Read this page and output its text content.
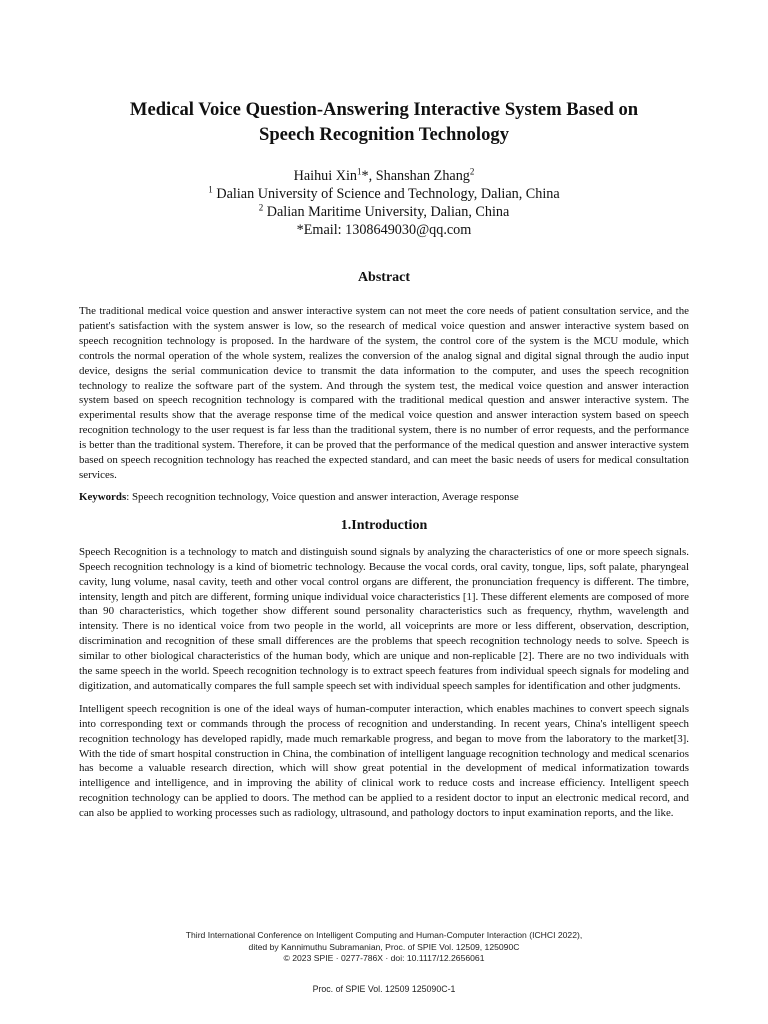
Medical Voice Question-Answering Interactive System Based on
Speech Recognition Technology
Haihui Xin$^1$*, Shanshan Zhang$^2$
$^1$ Dalian University of Science and Technology, Dalian, China
$^2$ Dalian Maritime University, Dalian, China
*Email: 1308649030@qq.com
Abstract

The traditional medical voice question and answer interactive system can not meet the core needs of patient consultation service, and the patient's satisfaction with the system answer is low, so the research of medical voice question and answer interactive system based on speech recognition technology is proposed. In the hardware of the system, the control core of the system is the MCU module, which controls the normal operation of the whole system, realizes the conversion of the analog signal and digital signal through the audio input device, designs the serial communication device to transmit the data information to the computer, and uses the speech recognition technology to realize the software part of the system. And through the system test, the medical voice question and answer interaction system based on speech recognition technology is compared with the traditional medical question and answer interactive system. The experimental results show that the average response time of the medical voice question and answer interaction system based on speech recognition technology to the user request is far less than the traditional system, there is no number of error requests, and the performance is better than the traditional system. Therefore, it can be proved that the performance of the medical question and answer interactive system based on speech recognition technology has reached the expected standard, and can meet the basic needs of users for medical consultation services.

Keywords: Speech recognition technology, Voice question and answer interaction, Average response

1.Introduction

Speech Recognition is a technology to match and distinguish sound signals by analyzing the characteristics of one or more speech signals. Speech recognition technology is a kind of biometric technology. Because the vocal cords, oral cavity, tongue, lips, soft palate, pharyngeal cavity, lung volume, nasal cavity, teeth and other vocal control organs are different, the pronunciation frequency is different. The timbre, intensity, length and pitch are different, forming unique individual voice characteristics [1]. These different elements are composed of more than 90 characteristics, which together show different sound personality characteristics such as frequency, rhythm, wavelength and intensity. There is no identical voice from two people in the world, all voiceprints are more or less different, observation, description, discrimination and recognition of these small differences are the problems that speech recognition technology needs to solve. Speech is similar to other biological characteristics of the human body, which are unique and non-replicable [2]. There are no two individuals with the same speech in the world. Speech recognition technology is to extract speech features from individual speech signals for modeling and digitization, and automatically compares the full sample speech set with individual speech samples for identification and other judgments.

Intelligent speech recognition is one of the ideal ways of human-computer interaction, which enables machines to convert speech signals into corresponding text or commands through the process of recognition and understanding. In recent years, China's intelligent speech recognition technology has developed rapidly, made much remarkable progress, and began to move from the laboratory to the market[3]. With the tide of smart hospital construction in China, the combination of intelligent language recognition technology and medical scenarios has become a valuable research direction, which will show great potential in the development of medical informatization towards intelligence and intelligence, and in improving the ability of clinical work to reduce costs and increase efficiency. Intelligent speech recognition technology can be applied to doors. The method can be applied to a resident doctor to input an electronic medical record, and can also be applied to working processes such as radiology, ultrasound, and pathology doctors to input examination reports, and the like.

Third International Conference on Intelligent Computing and Human-Computer Interaction (ICHCI 2022),
dited by Kannimuthu Subramanian, Proc. of SPIE Vol. 12509, 125090C
© 2023 SPIE · 0277-786X · doi: 10.1117/12.2656061
Proc. of SPIE Vol. 12509 125090C-1
